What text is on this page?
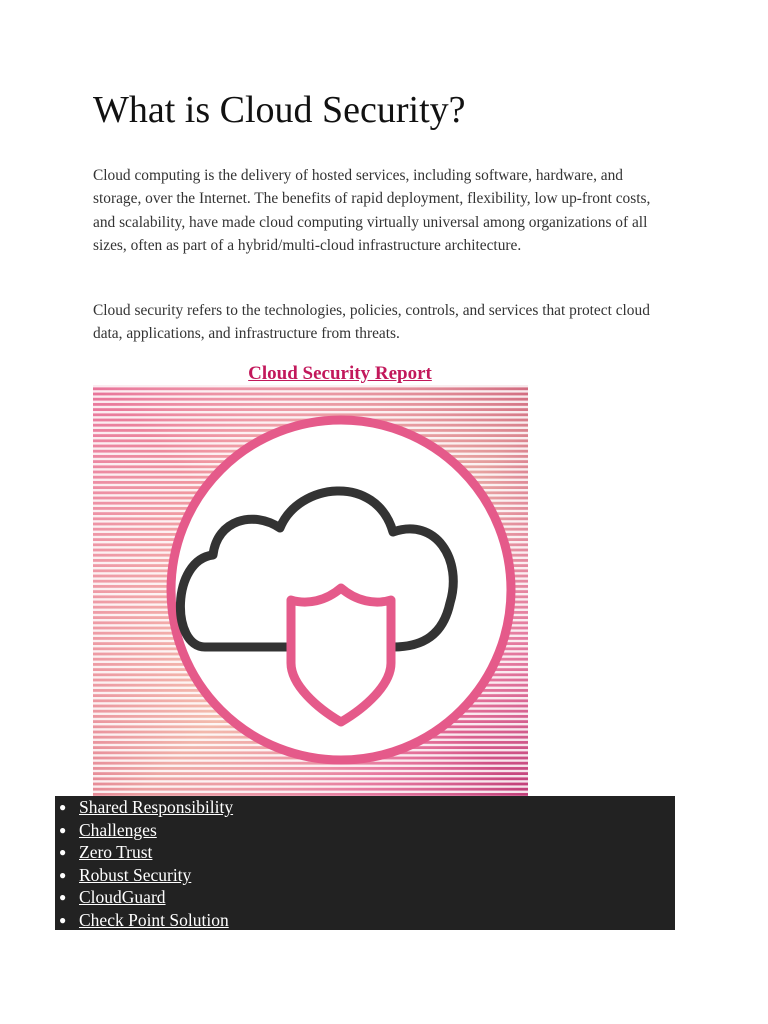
What is Cloud Security?

Cloud computing is the delivery of hosted services, including software, hardware, and storage, over the Internet. The benefits of rapid deployment, flexibility, low up-front costs, and scalability, have made cloud computing virtually universal among organizations of all sizes, often as part of a hybrid/multi-cloud infrastructure architecture.

Cloud security refers to the technologies, policies, controls, and services that protect cloud data, applications, and infrastructure from threats.

Cloud Security Report
● Shared Responsibility
● Challenges
● Zero Trust
● Robust Security
● CloudGuard
● Check Point Solution
